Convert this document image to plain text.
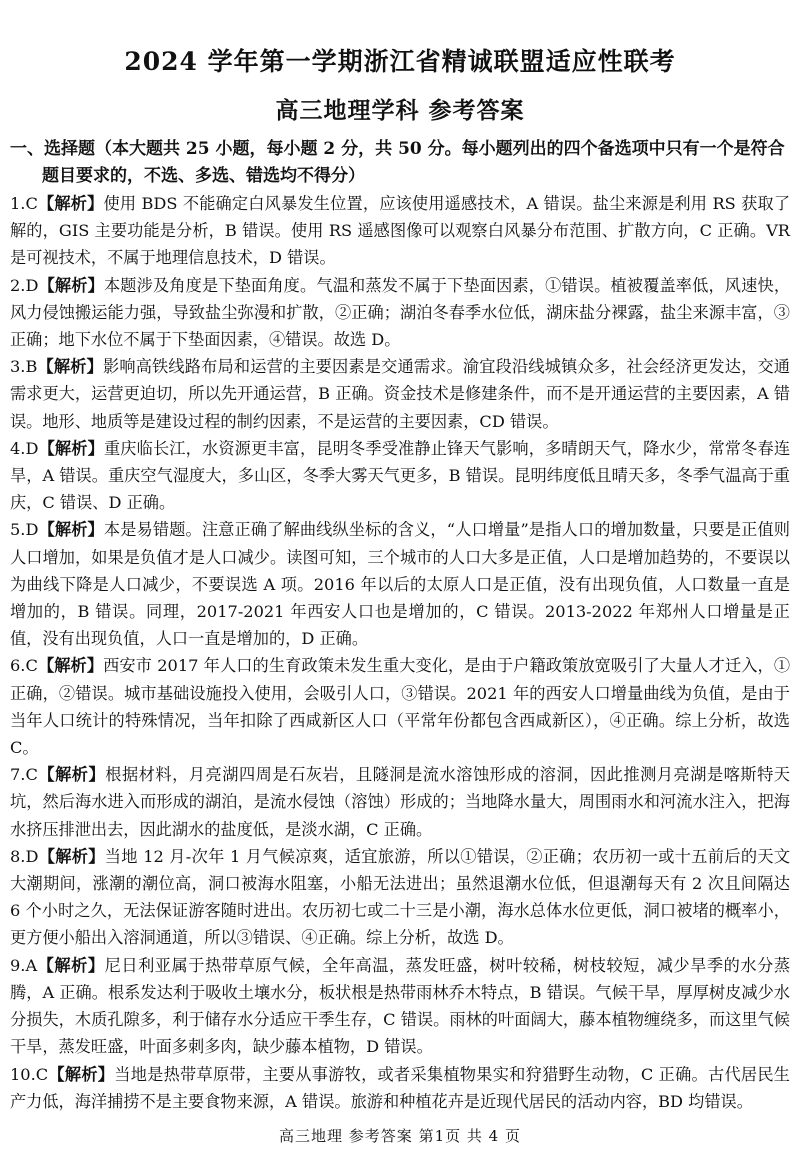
2024 学年第一学期浙江省精诚联盟适应性联考
高三地理学科 参考答案

一、选择题（本大题共 25 小题，每小题 2 分，共 50 分。每小题列出的四个备选项中只有一个是符合题目要求的，不选、多选、错选均不得分）

1.C【解析】使用 BDS 不能确定白风暴发生位置，应该使用遥感技术，A 错误。盐尘来源是利用 RS 获取了解的，GIS 主要功能是分析，B 错误。使用 RS 遥感图像可以观察白风暴分布范围、扩散方向，C 正确。VR 是可视技术，不属于地理信息技术，D 错误。

2.D【解析】本题涉及角度是下垫面角度。气温和蒸发不属于下垫面因素，①错误。植被覆盖率低，风速快，风力侵蚀搬运能力强，导致盐尘弥漫和扩散，②正确；湖泊冬春季水位低，湖床盐分裸露，盐尘来源丰富，③正确；地下水位不属于下垫面因素，④错误。故选 D。

3.B【解析】影响高铁线路布局和运营的主要因素是交通需求。渝宜段沿线城镇众多，社会经济更发达，交通需求更大，运营更迫切，所以先开通运营，B 正确。资金技术是修建条件，而不是开通运营的主要因素，A 错误。地形、地质等是建设过程的制约因素，不是运营的主要因素，CD 错误。

4.D【解析】重庆临长江，水资源更丰富，昆明冬季受准静止锋天气影响，多晴朗天气，降水少，常常冬春连旱，A 错误。重庆空气湿度大，多山区，冬季大雾天气更多，B 错误。昆明纬度低且晴天多，冬季气温高于重庆，C 错误、D 正确。

5.D【解析】本是易错题。注意正确了解曲线纵坐标的含义，“人口增量”是指人口的增加数量，只要是正值则人口增加，如果是负值才是人口减少。读图可知，三个城市的人口大多是正值，人口是增加趋势的，不要误以为曲线下降是人口减少，不要误选 A 项。2016 年以后的太原人口是正值，没有出现负值，人口数量一直是增加的，B 错误。同理，2017-2021 年西安人口也是增加的，C 错误。2013-2022 年郑州人口增量是正值，没有出现负值，人口一直是增加的，D 正确。

6.C【解析】西安市 2017 年人口的生育政策未发生重大变化，是由于户籍政策放宽吸引了大量人才迁入，①正确，②错误。城市基础设施投入使用，会吸引人口，③错误。2021 年的西安人口增量曲线为负值，是由于当年人口统计的特殊情况，当年扣除了西咸新区人口（平常年份都包含西咸新区），④正确。综上分析，故选 C。

7.C【解析】根据材料，月亮湖四周是石灰岩，且隧洞是流水溶蚀形成的溶洞，因此推测月亮湖是喀斯特天坑，然后海水进入而形成的湖泊，是流水侵蚀（溶蚀）形成的；当地降水量大，周围雨水和河流水注入，把海水挤压排泄出去，因此湖水的盐度低，是淡水湖，C 正确。

8.D【解析】当地 12 月-次年 1 月气候凉爽，适宜旅游，所以①错误，②正确；农历初一或十五前后的天文大潮期间，涨潮的潮位高，洞口被海水阻塞，小船无法进出；虽然退潮水位低，但退潮每天有 2 次且间隔达 6 个小时之久，无法保证游客随时进出。农历初七或二十三是小潮，海水总体水位更低，洞口被堵的概率小，更方便小船出入溶洞通道，所以③错误、④正确。综上分析，故选 D。

9.A【解析】尼日利亚属于热带草原气候，全年高温，蒸发旺盛，树叶较稀，树枝较短，减少旱季的水分蒸腾，A 正确。根系发达利于吸收土壤水分，板状根是热带雨林乔木特点，B 错误。气候干旱，厚厚树皮减少水分损失，木质孔隙多，利于储存水分适应干季生存，C 错误。雨林的叶面阔大，藤本植物缠绕多，而这里气候干旱，蒸发旺盛，叶面多刺多肉，缺少藤本植物，D 错误。

10.C【解析】当地是热带草原带，主要从事游牧，或者采集植物果实和狩猎野生动物，C 正确。古代居民生产力低，海洋捕捞不是主要食物来源，A 错误。旅游和种植花卉是近现代居民的活动内容，BD 均错误。

高三地理 参考答案 第1页 共 4 页
